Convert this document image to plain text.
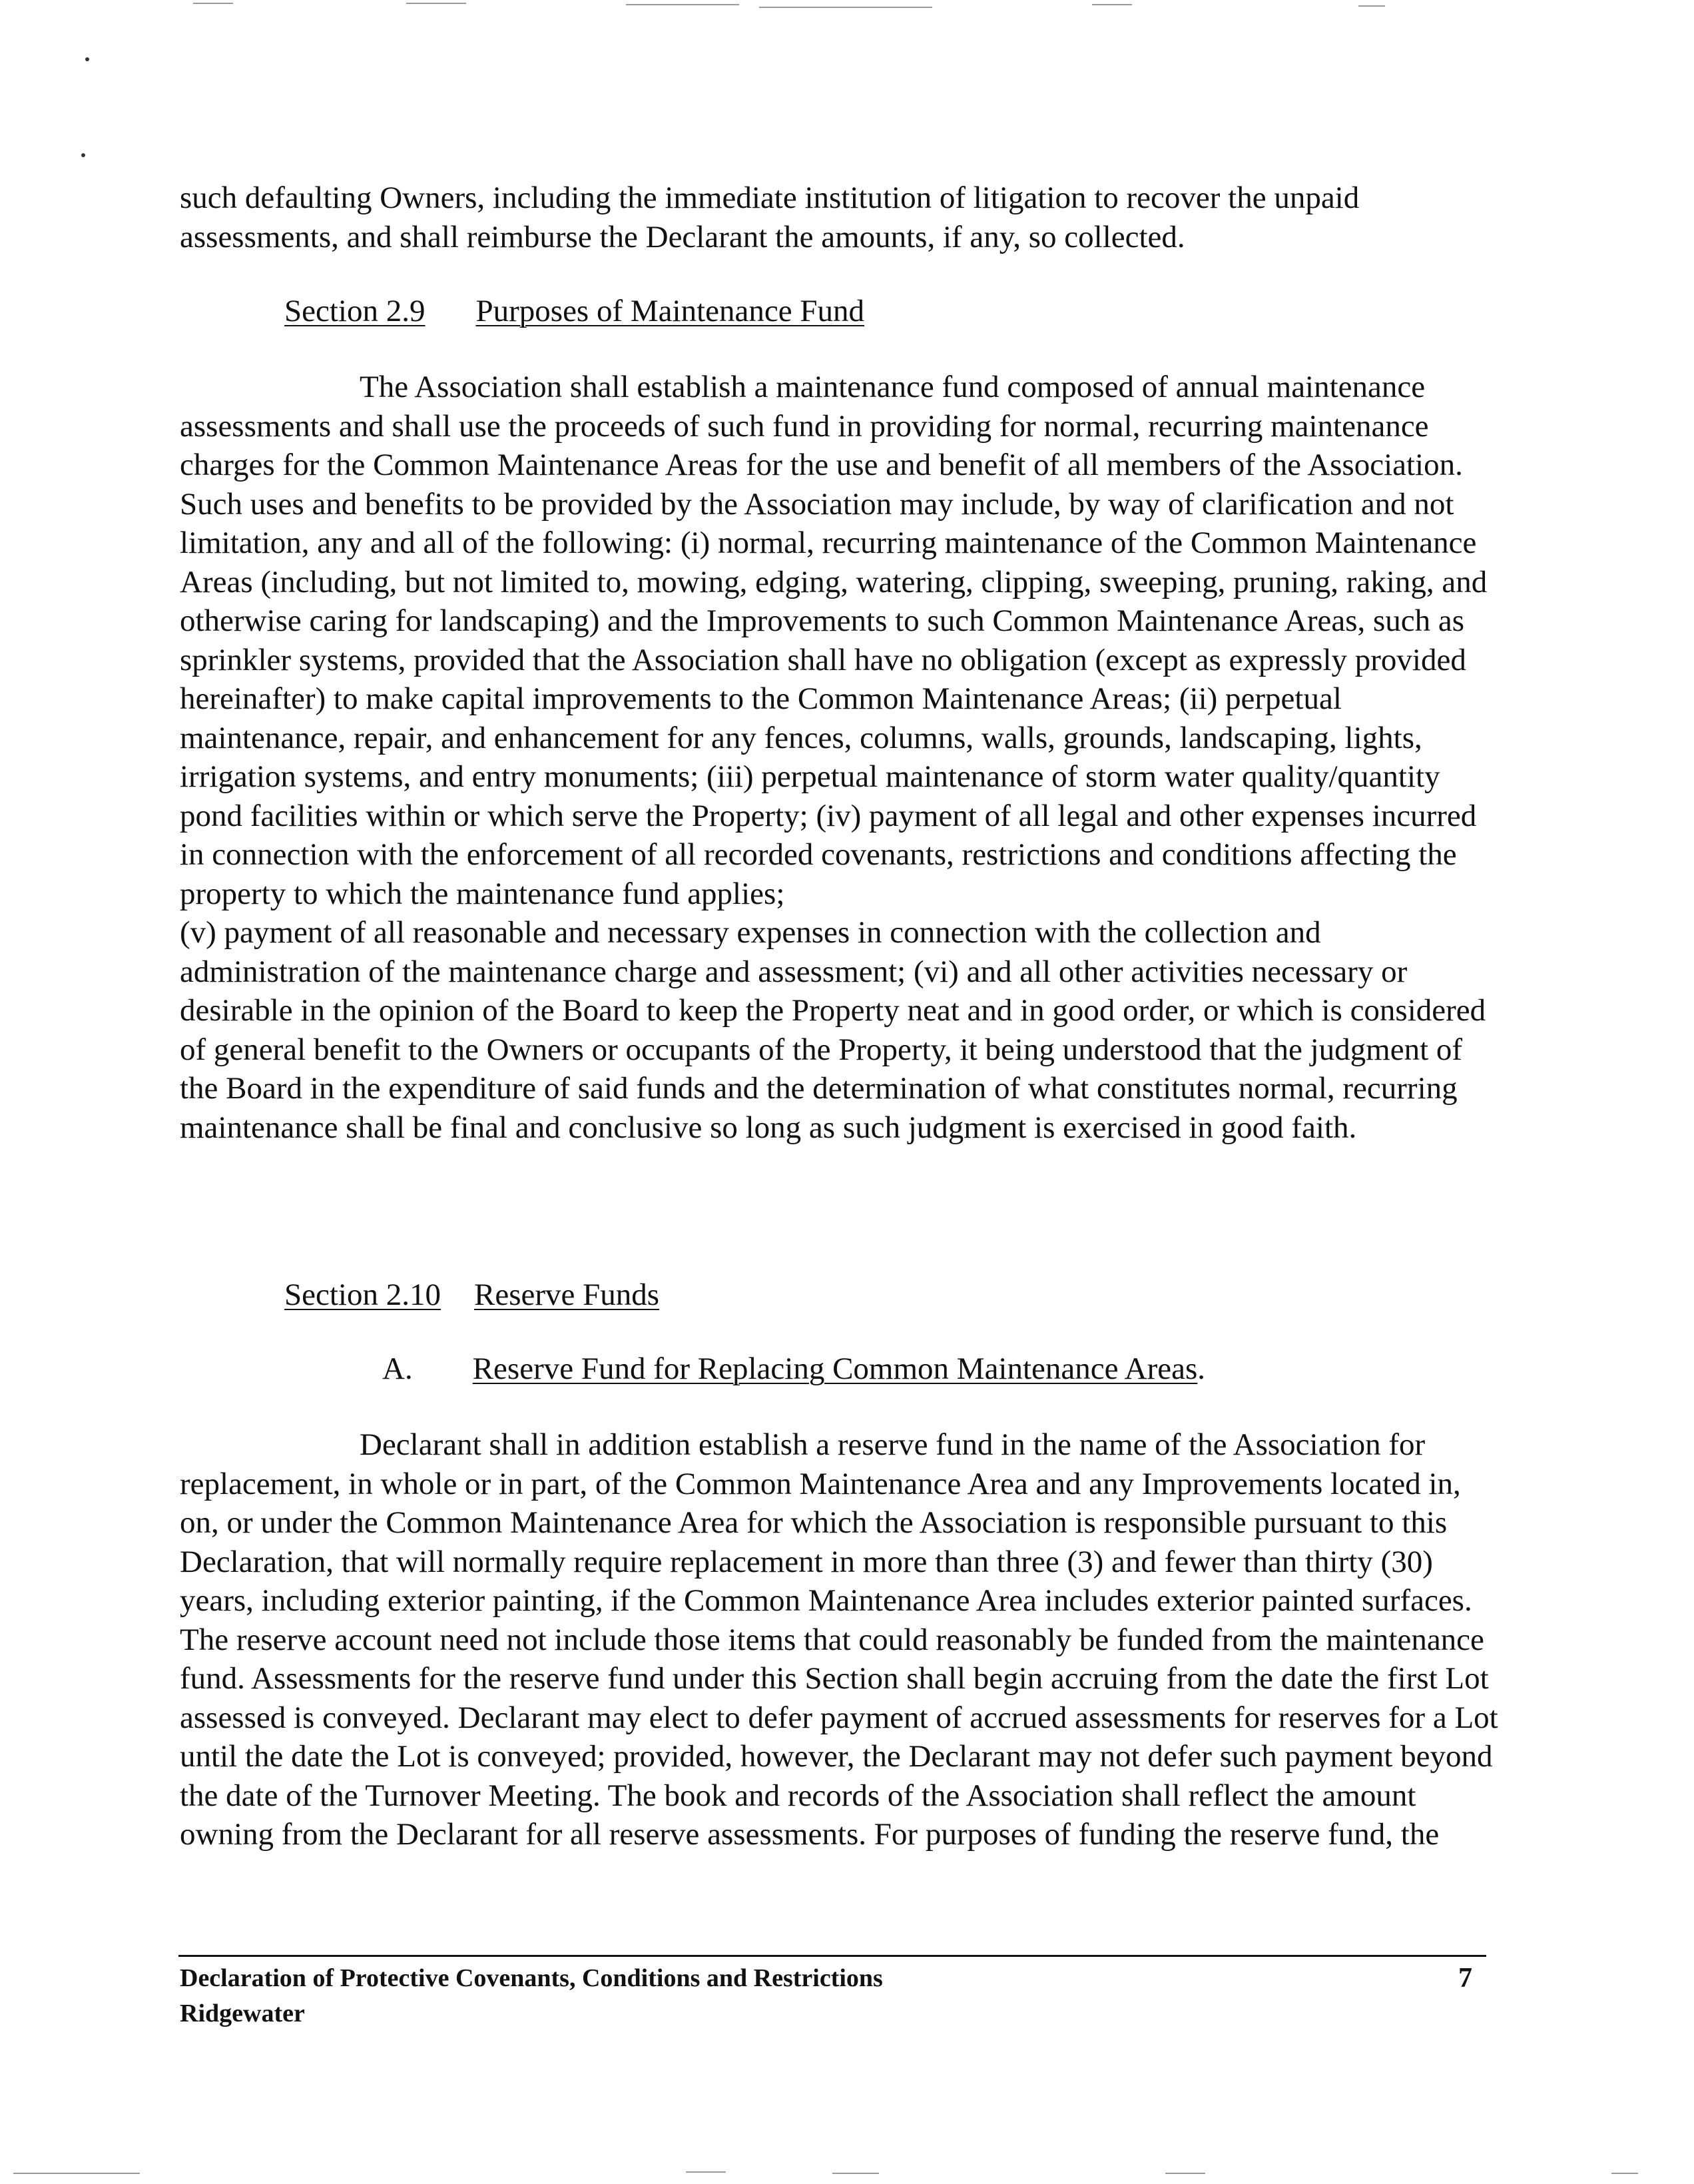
such defaulting Owners, including the immediate institution of litigation to recover the unpaid assessments, and shall reimburse the Declarant the amounts, if any, so collected.

Section 2.9 Purposes of Maintenance Fund

The Association shall establish a maintenance fund composed of annual maintenance assessments and shall use the proceeds of such fund in providing for normal, recurring maintenance charges for the Common Maintenance Areas for the use and benefit of all members of the Association. Such uses and benefits to be provided by the Association may include, by way of clarification and not limitation, any and all of the following: (i) normal, recurring maintenance of the Common Maintenance Areas (including, but not limited to, mowing, edging, watering, clipping, sweeping, pruning, raking, and otherwise caring for landscaping) and the Improvements to such Common Maintenance Areas, such as sprinkler systems, provided that the Association shall have no obligation (except as expressly provided hereinafter) to make capital improvements to the Common Maintenance Areas; (ii) perpetual maintenance, repair, and enhancement for any fences, columns, walls, grounds, landscaping, lights, irrigation systems, and entry monuments; (iii) perpetual maintenance of storm water quality/quantity pond facilities within or which serve the Property; (iv) payment of all legal and other expenses incurred in connection with the enforcement of all recorded covenants, restrictions and conditions affecting the property to which the maintenance fund applies;

(v) payment of all reasonable and necessary expenses in connection with the collection and administration of the maintenance charge and assessment; (vi) and all other activities necessary or desirable in the opinion of the Board to keep the Property neat and in good order, or which is considered of general benefit to the Owners or occupants of the Property, it being understood that the judgment of the Board in the expenditure of said funds and the determination of what constitutes normal, recurring maintenance shall be final and conclusive so long as such judgment is exercised in good faith.

Section 2.10 Reserve Funds
A. Reserve Fund for Replacing Common Maintenance Areas.

Declarant shall in addition establish a reserve fund in the name of the Association for replacement, in whole or in part, of the Common Maintenance Area and any Improvements located in, on, or under the Common Maintenance Area for which the Association is responsible pursuant to this Declaration, that will normally require replacement in more than three (3) and fewer than thirty (30) years, including exterior painting, if the Common Maintenance Area includes exterior painted surfaces. The reserve account need not include those items that could reasonably be funded from the maintenance fund. Assessments for the reserve fund under this Section shall begin accruing from the date the first Lot assessed is conveyed. Declarant may elect to defer payment of accrued assessments for reserves for a Lot until the date the Lot is conveyed; provided, however, the Declarant may not defer such payment beyond the date of the Turnover Meeting. The book and records of the Association shall reflect the amount owning from the Declarant for all reserve assessments. For purposes of funding the reserve fund, the

Declaration of Protective Covenants, Conditions and Restrictions
Ridgewater
7
